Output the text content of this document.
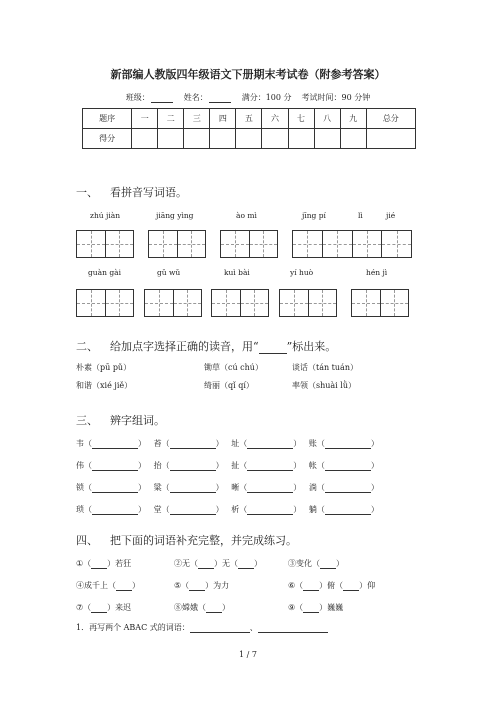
新部编人教版四年级语文下册期末考试卷（附参考答案）
班级：	姓名：	满分：100 分 考试时间：90 分钟
题序	一	二	三	四	五	六	七	八	九	总分
得分										
一、 看拼音写词语。
zhú jiàn	jiāng yìng	ào mì	jīng pí	lì	jié
guàn gài	gǔ wǔ	kuì bài	yí huò	hén jì
二、 给加点字选择正确的读音，用“	”标出来。
朴素（pū pǔ）	锄草（cú chú）	谈话（tán tuán）
和谐（xié jiě）	绮丽（qǐ qí）	率领（shuài lǜ）
三、 辨字组词。
韦（	）   苔（	）   址（	）   账（	）
伟（	）   抬（	）   扯（	）   帐（	）
锁（	）   粱（	）   晰（	）   淌（	）
琐（	）   堂（	）   析（	）   躺（	）
四、 把下面的词语补充完整，并完成练习。
①（ ）若狂	②无（ ）无（ ）	③变化（ ）
④成千上（ ）	⑤（ ）为力	⑥（ ）俯（ ）仰
⑦（ ）来迟	⑧嫦娥（ ）	⑨（ ）巍巍
1．再写两个 ABAC 式的词语：	、
1 / 7
